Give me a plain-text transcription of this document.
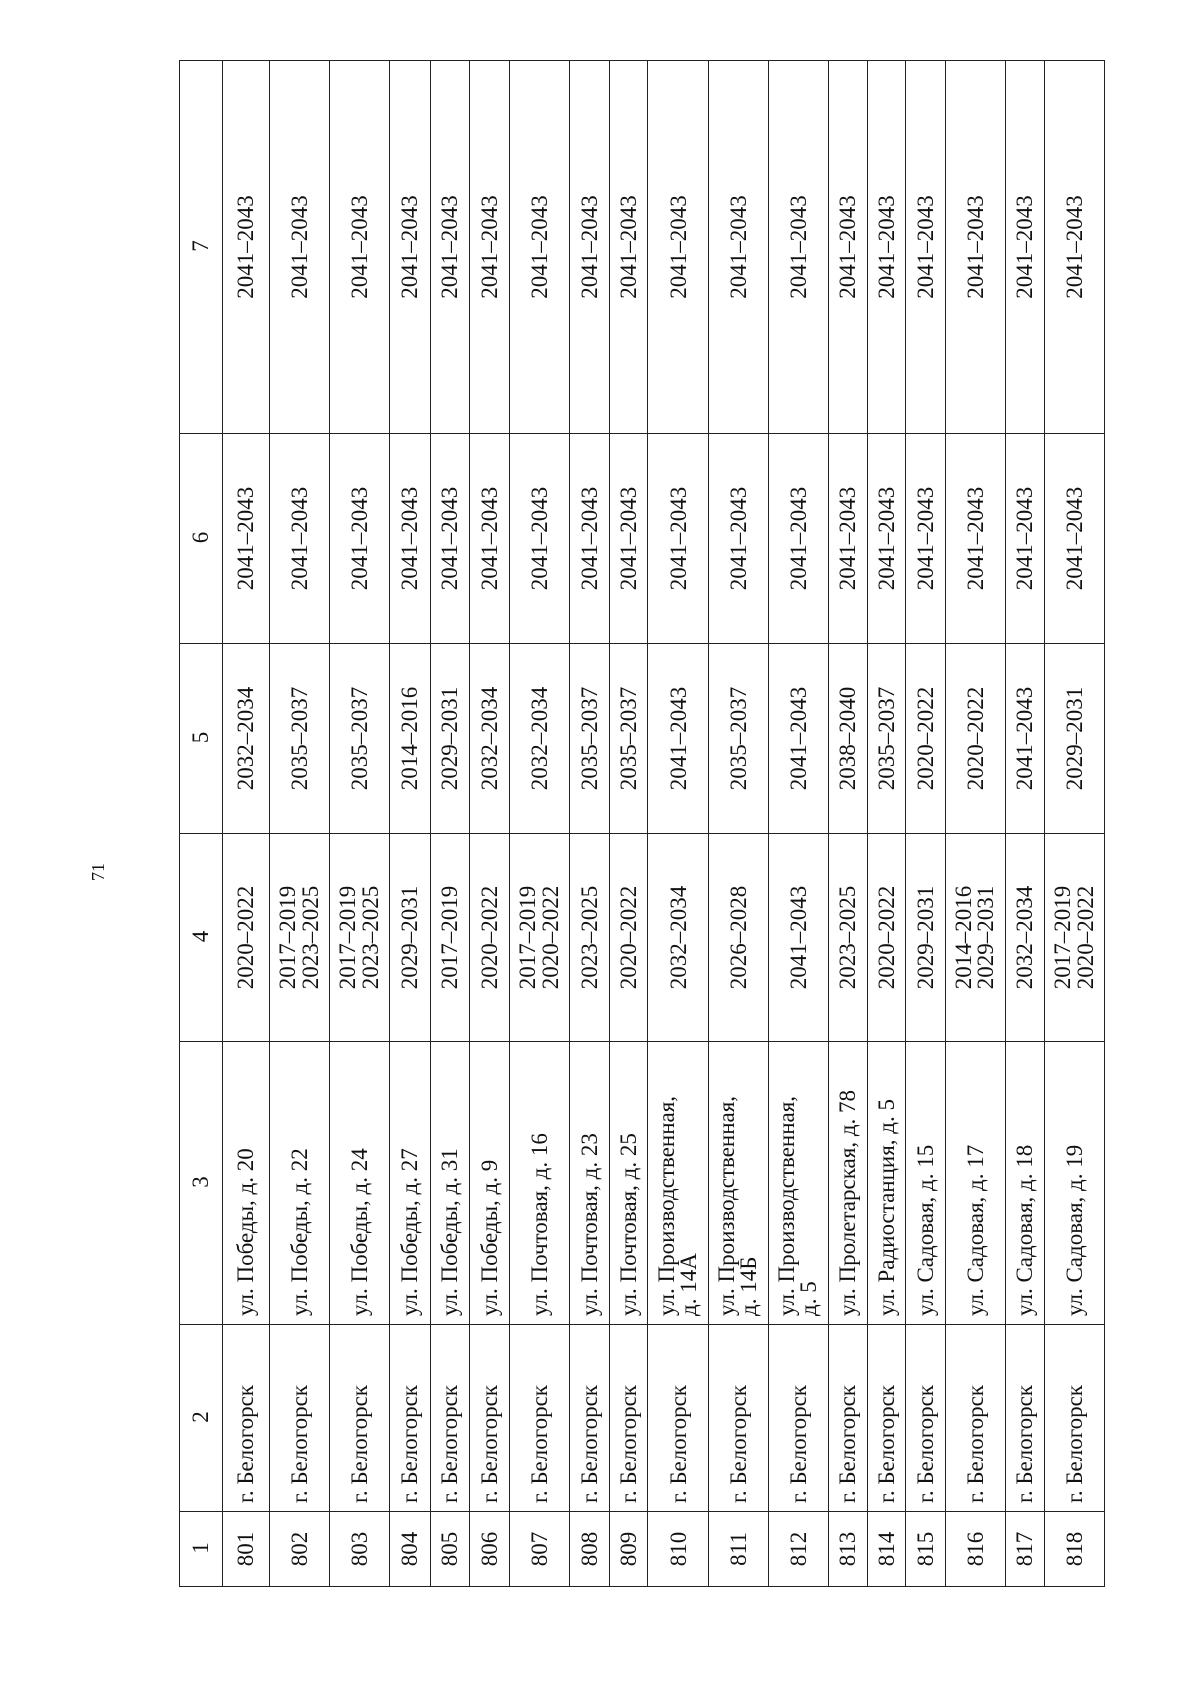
71
1	2	3	4	5	6	7
801	г. Белогорск	ул. Победы, д. 20	2020–2022	2032–2034	2041–2043	2041–2043
802	г. Белогорск	ул. Победы, д. 22	2017–2019
2023–2025	2035–2037	2041–2043	2041–2043
803	г. Белогорск	ул. Победы, д. 24	2017–2019
2023–2025	2035–2037	2041–2043	2041–2043
804	г. Белогорск	ул. Победы, д. 27	2029–2031	2014–2016	2041–2043	2041–2043
805	г. Белогорск	ул. Победы, д. 31	2017–2019	2029–2031	2041–2043	2041–2043
806	г. Белогорск	ул. Победы, д. 9	2020–2022	2032–2034	2041–2043	2041–2043
807	г. Белогорск	ул. Почтовая, д. 16	2017–2019
2020–2022	2032–2034	2041–2043	2041–2043
808	г. Белогорск	ул. Почтовая, д. 23	2023–2025	2035–2037	2041–2043	2041–2043
809	г. Белогорск	ул. Почтовая, д. 25	2020–2022	2035–2037	2041–2043	2041–2043
810	г. Белогорск	ул. Производственная,
д. 14А	2032–2034	2041–2043	2041–2043	2041–2043
811	г. Белогорск	ул. Производственная,
д. 14Б	2026–2028	2035–2037	2041–2043	2041–2043
812	г. Белогорск	ул. Производственная,
д. 5	2041–2043	2041–2043	2041–2043	2041–2043
813	г. Белогорск	ул. Пролетарская, д. 78	2023–2025	2038–2040	2041–2043	2041–2043
814	г. Белогорск	ул. Радиостанция, д. 5	2020–2022	2035–2037	2041–2043	2041–2043
815	г. Белогорск	ул. Садовая, д. 15	2029–2031	2020–2022	2041–2043	2041–2043
816	г. Белогорск	ул. Садовая, д. 17	2014–2016
2029–2031	2020–2022	2041–2043	2041–2043
817	г. Белогорск	ул. Садовая, д. 18	2032–2034	2041–2043	2041–2043	2041–2043
818	г. Белогорск	ул. Садовая, д. 19	2017–2019
2020–2022	2029–2031	2041–2043	2041–2043
